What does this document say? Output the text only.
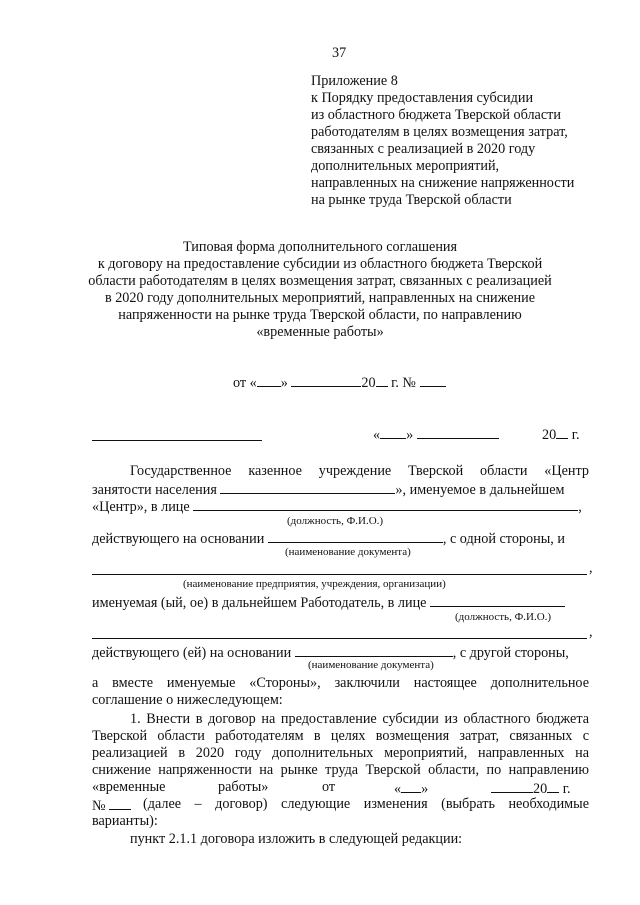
37
Приложение 8
к Порядку предоставления субсидии
из областного бюджета Тверской области
работодателям в целях возмещения затрат,
связанных с реализацией в 2020 году
дополнительных мероприятий,
направленных на снижение напряженности
на рынке труда Тверской области
Типовая форма дополнительного соглашения
к договору на предоставление субсидии из областного бюджета Тверской
области работодателям в целях возмещения затрат, связанных с реализацией
в 2020 году дополнительных мероприятий, направленных на снижение
напряженности на рынке труда Тверской области, по направлению
«временные работы»
от « »	20 г. №
« »	20 г.
Государственное казенное учреждение Тверской области «Центр
занятости населения	», именуемое в дальнейшем
«Центр», в лице	,
(должность, Ф.И.О.)
действующего на основании	, с одной стороны, и
(наименование документа)
,
(наименование предприятия, учреждения, организации)
именуемая (ый, ое) в дальнейшем Работодатель, в лице
(должность, Ф.И.О.)
,
действующего (ей) на основании	, с другой стороны,
(наименование документа)
а вместе именуемые «Стороны», заключили настоящее дополнительное
соглашение о нижеследующем:
1. Внести в договор на предоставление субсидии из областного бюджета
Тверской области работодателям в целях возмещения затрат, связанных с
реализацией в 2020 году дополнительных мероприятий, направленных на
снижение напряженности на рынке труда Тверской области, по направлению
«временные	работы»	от	« »	20 г.
№	(далее – договор) следующие изменения (выбрать необходимые
варианты):
пункт 2.1.1 договора изложить в следующей редакции:
